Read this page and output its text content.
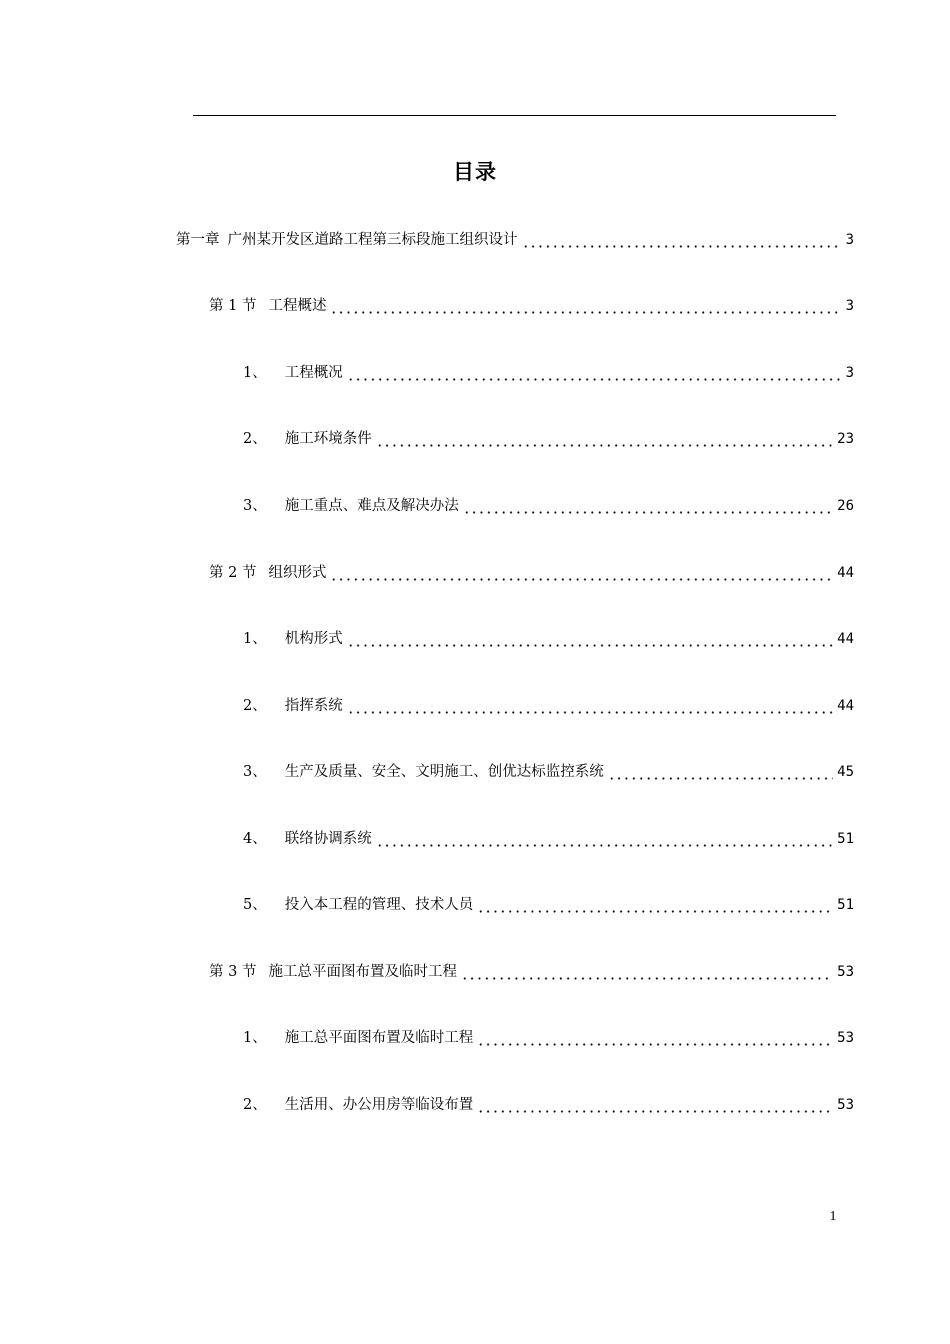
目录
第一章 广州某开发区道路工程第三标段施工组织设计	3
第 1 节 工程概述	3
1、 工程概况	3
2、 施工环境条件	23
3、 施工重点、难点及解决办法	26
第 2 节 组织形式	44
1、 机构形式	44
2、 指挥系统	44
3、 生产及质量、安全、文明施工、创优达标监控系统	45
4、 联络协调系统	51
5、 投入本工程的管理、技术人员	51
第 3 节 施工总平面图布置及临时工程	53
1、 施工总平面图布置及临时工程	53
2、 生活用、办公用房等临设布置	53
1
